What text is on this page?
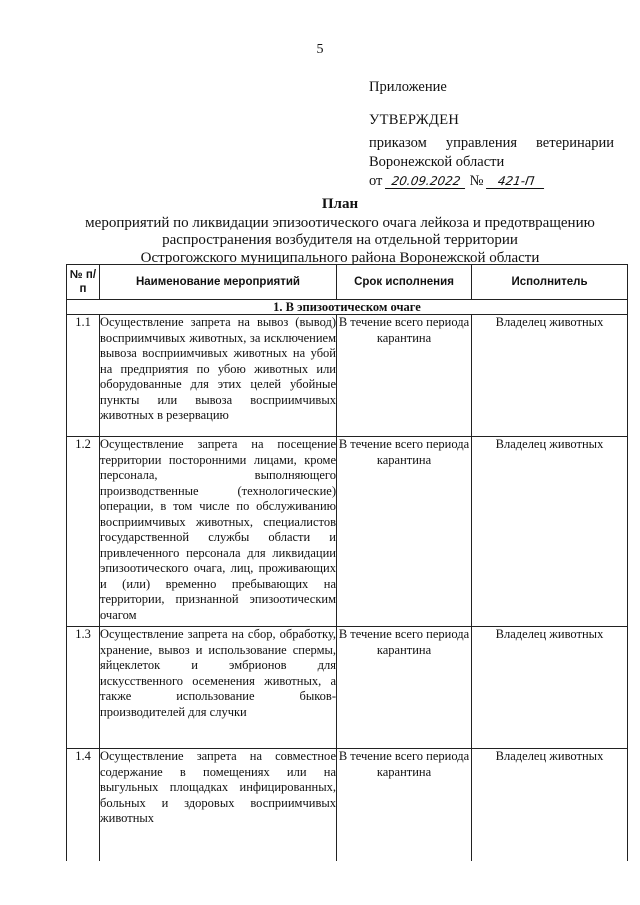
5
Приложение
УТВЕРЖДЕН
приказом управления ветеринарии
Воронежской области
от 20.09.2022 № 421-П
План
мероприятий по ликвидации эпизоотического очага лейкоза и предотвращению
распространения возбудителя на отдельной территории
Острогожского муниципального района Воронежской области
№ п/п	Наименование мероприятий	Срок исполнения	Исполнитель
1. В эпизоотическом очаге			
1.1	Осуществление запрета на вывоз (вывод) восприимчивых животных, за исключением вывоза восприимчивых животных на убой на предприятия по убою животных или оборудованные для этих целей убойные пункты или вывоза восприимчивых животных в резервацию	В течение всего периода карантина	Владелец животных
1.2	Осуществление запрета на посещение территории посторонними лицами, кроме персонала, выполняющего производственные (технологические) операции, в том числе по обслуживанию восприимчивых животных, специалистов государственной службы области и привлеченного персонала для ликвидации эпизоотического очага, лиц, проживающих и (или) временно пребывающих на территории, признанной эпизоотическим очагом	В течение всего периода карантина	Владелец животных
1.3	Осуществление запрета на сбор, обработку, хранение, вывоз и использование спермы, яйцеклеток и эмбрионов для искусственного осеменения животных, а также использование быков-производителей для случки	В течение всего периода карантина	Владелец животных
1.4	Осуществление запрета на совместное содержание в помещениях или на выгульных площадках инфицированных, больных и здоровых восприимчивых животных	В течение всего периода карантина	Владелец животных
